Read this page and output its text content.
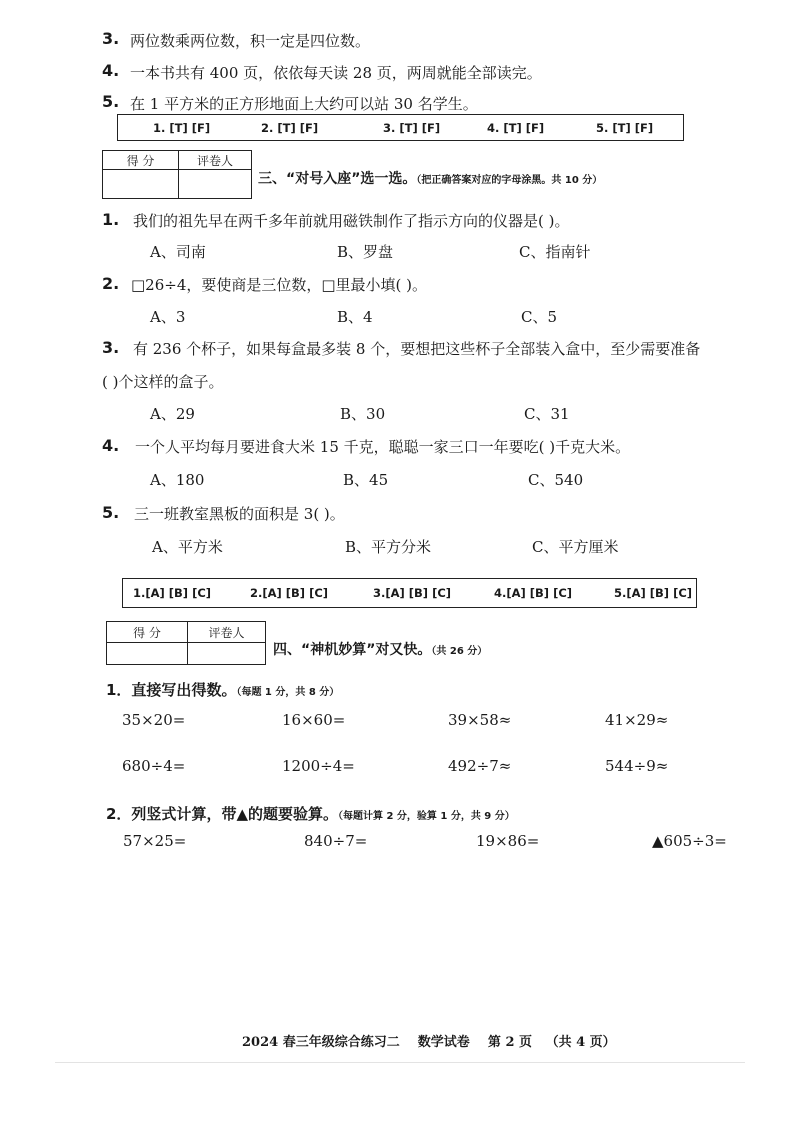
3. 两位数乘两位数，积一定是四位数。
4. 一本书共有 400 页，依依每天读 28 页，两周就能全部读完。
5. 在 1 平方米的正方形地面上大约可以站 30 名学生。
1. [T] [F]	2. [T] [F]	3. [T] [F]	4. [T] [F]	5. [T] [F]
得 分	评卷人

三、“对号入座”选一选。（把正确答案对应的字母涂黑。共 10 分）
1. 我们的祖先早在两千多年前就用磁铁制作了指示方向的仪器是( )。
A、司南	B、罗盘	C、指南针
2. □26÷4，要使商是三位数，□里最小填( )。
A、3	B、4	C、5
3. 有 236 个杯子，如果每盒最多装 8 个，要想把这些杯子全部装入盒中，至少需要准备
( )个这样的盒子。
A、29	B、30	C、31
4. 一个人平均每月要进食大米 15 千克，聪聪一家三口一年要吃( )千克大米。
A、180	B、45	C、540
5. 三一班教室黑板的面积是 3( )。
A、平方米	B、平方分米	C、平方厘米
1.[A] [B] [C]	2.[A] [B] [C]	3.[A] [B] [C]	4.[A] [B] [C]	5.[A] [B] [C]
得 分	评卷人

四、“神机妙算”对又快。（共 26 分）
1．直接写出得数。（每题 1 分，共 8 分）
35×20=	16×60=	39×58≈	41×29≈
680÷4=	1200÷4=	492÷7≈	544÷9≈
2．列竖式计算，带▲的题要验算。（每题计算 2 分，验算 1 分，共 9 分）
57×25=	840÷7=	19×86=	▲605÷3=
2024 春三年级综合练习二    数学试卷    第 2 页   （共 4 页）
